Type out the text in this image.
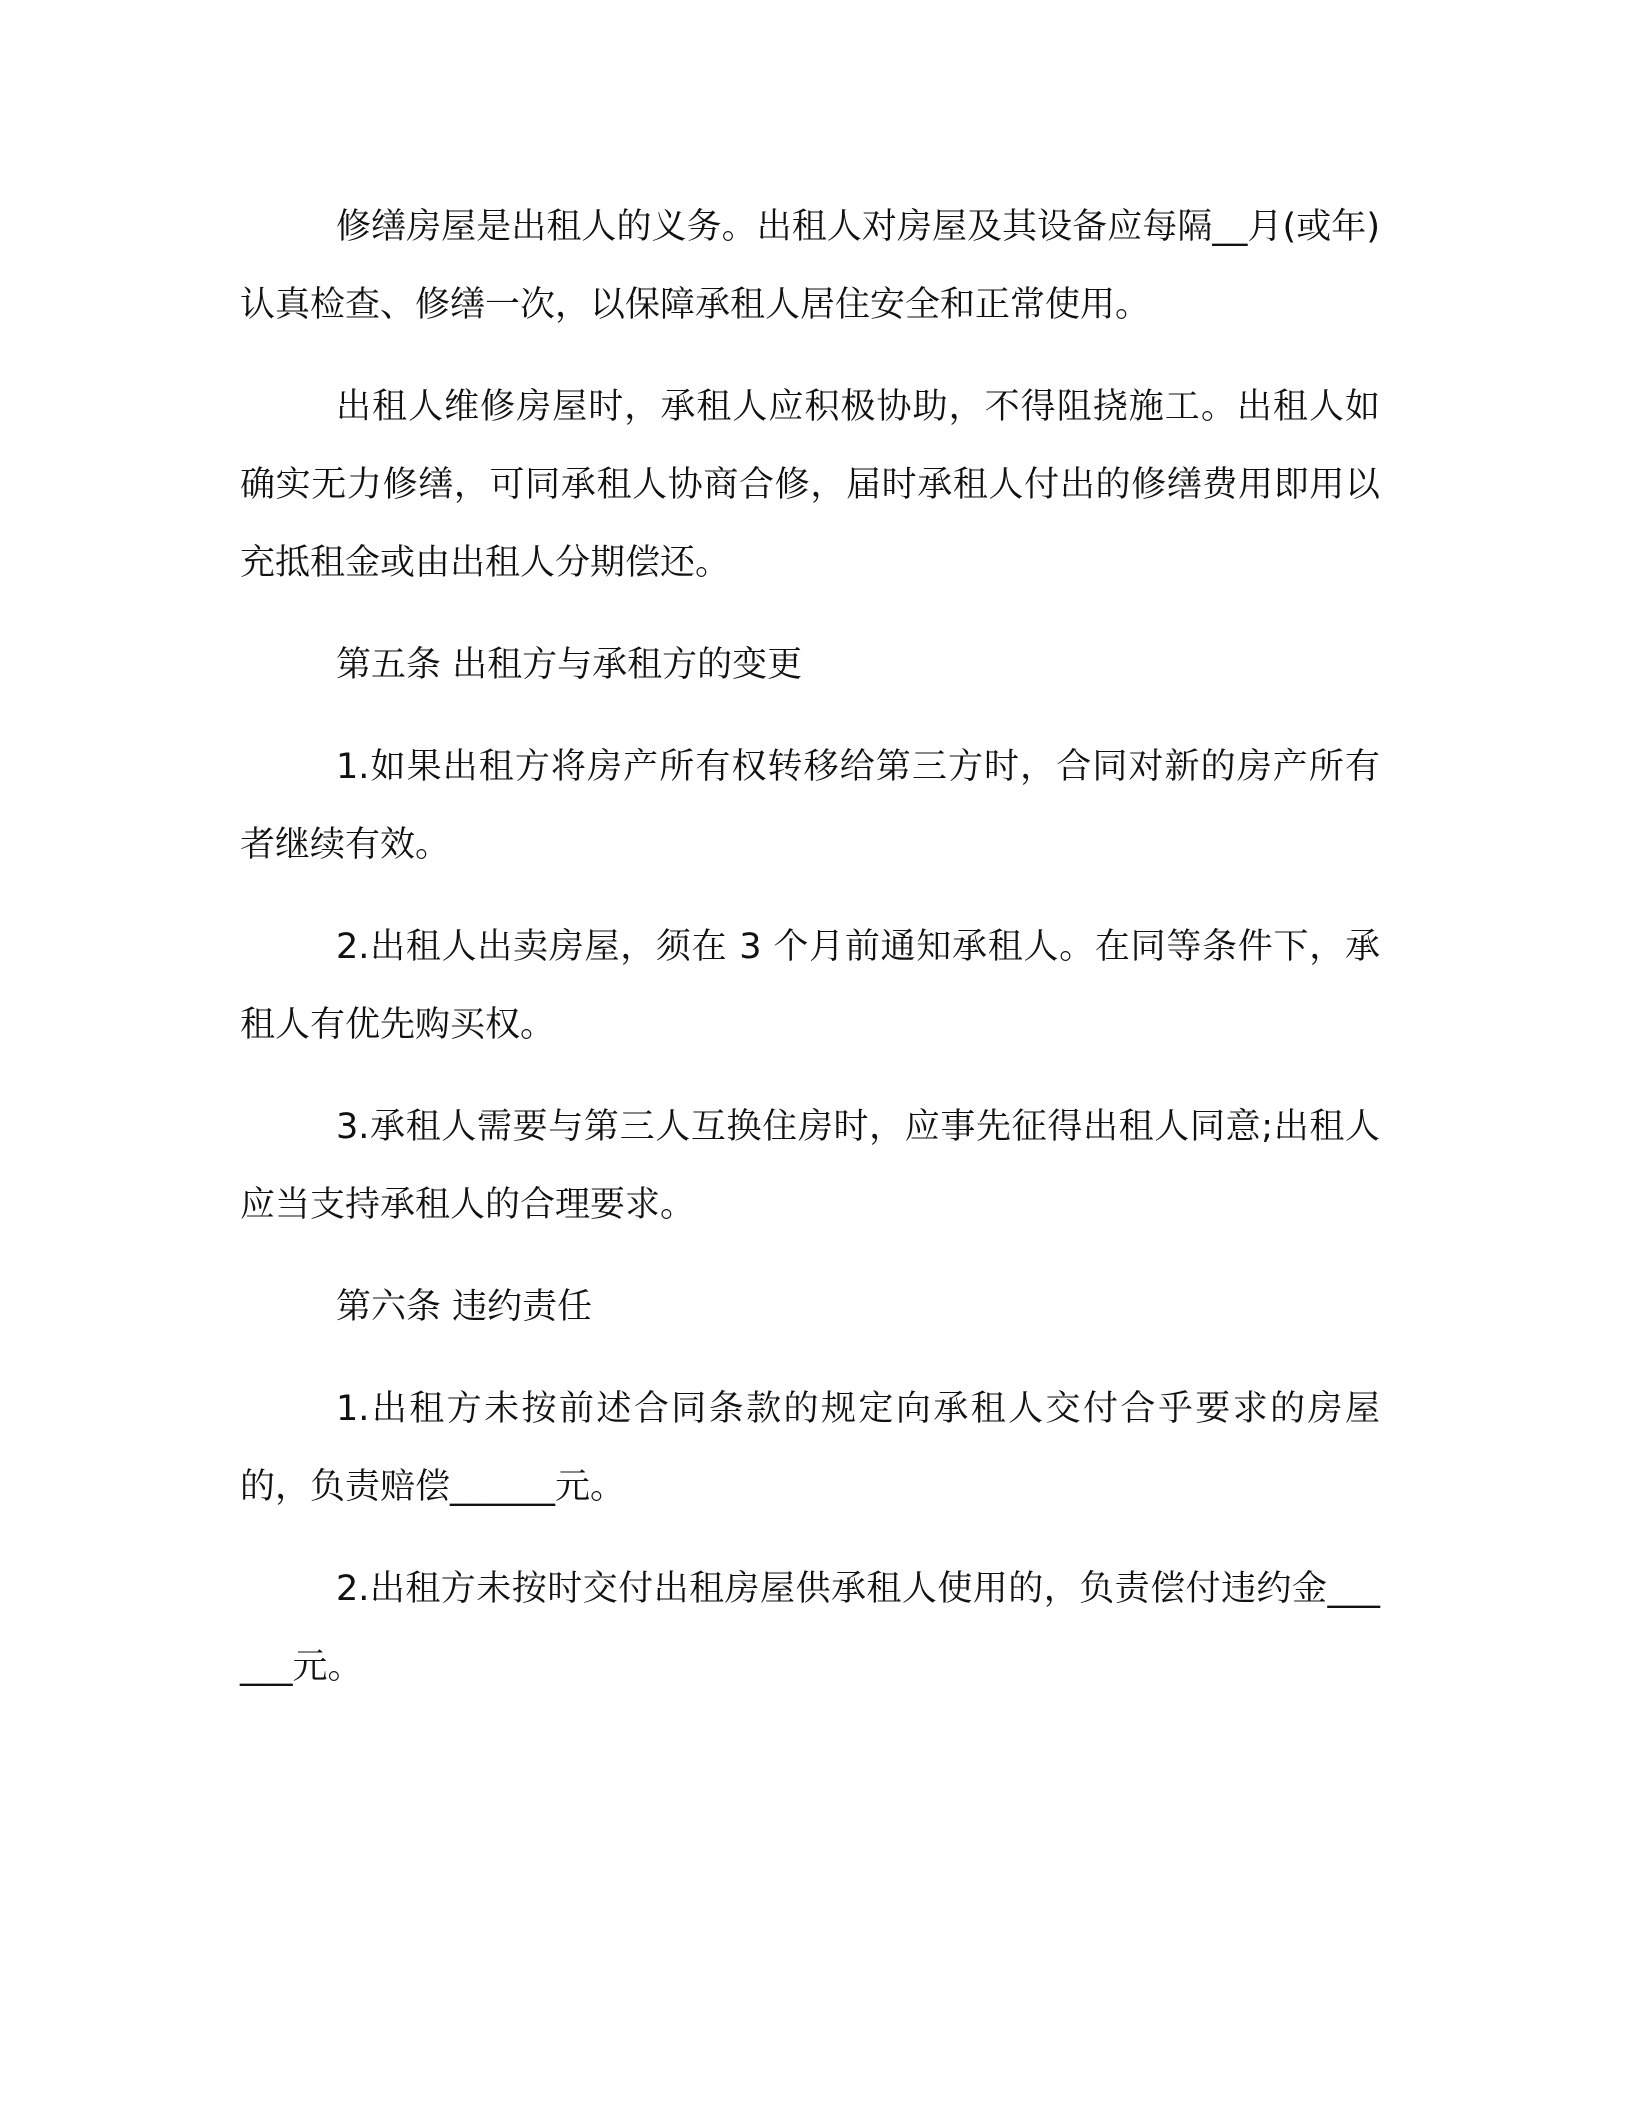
修缮房屋是出租人的义务。出租人对房屋及其设备应每隔__月(或年)认真检查、修缮一次，以保障承租人居住安全和正常使用。

出租人维修房屋时，承租人应积极协助，不得阻挠施工。出租人如确实无力修缮，可同承租人协商合修，届时承租人付出的修缮费用即用以充抵租金或由出租人分期偿还。

第五条 出租方与承租方的变更

1.如果出租方将房产所有权转移给第三方时，合同对新的房产所有者继续有效。

2.出租人出卖房屋，须在 3 个月前通知承租人。在同等条件下，承租人有优先购买权。

3.承租人需要与第三人互换住房时，应事先征得出租人同意;出租人应当支持承租人的合理要求。

第六条 违约责任

1.出租方未按前述合同条款的规定向承租人交付合乎要求的房屋的，负责赔偿______元。

2.出租方未按时交付出租房屋供承租人使用的，负责偿付违约金______元。
